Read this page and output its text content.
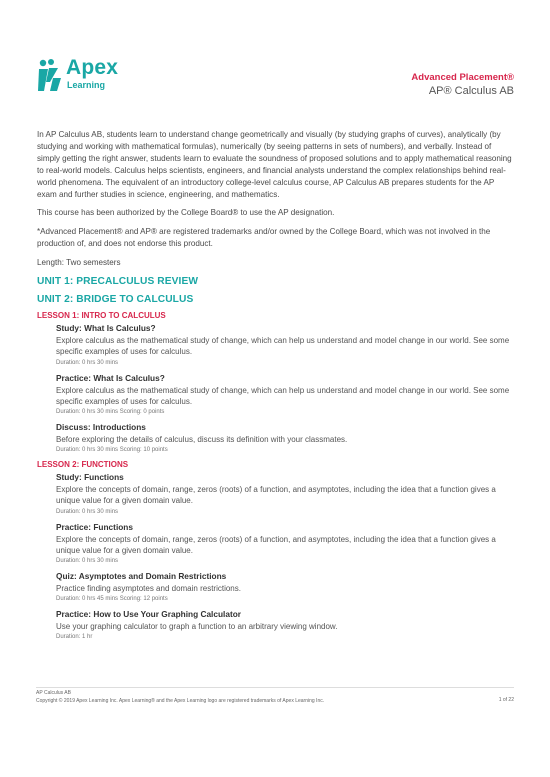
Apex
Learning
Advanced Placement®
AP® Calculus AB

In AP Calculus AB, students learn to understand change geometrically and visually (by studying graphs of curves), analytically (by studying and working with mathematical formulas), numerically (by seeing patterns in sets of numbers), and verbally. Instead of simply getting the right answer, students learn to evaluate the soundness of proposed solutions and to apply mathematical reasoning to real-world models. Calculus helps scientists, engineers, and financial analysts understand the complex relationships behind real-world phenomena. The equivalent of an introductory college-level calculus course, AP Calculus AB prepares students for the AP exam and further studies in science, engineering, and mathematics.

This course has been authorized by the College Board® to use the AP designation.

*Advanced Placement® and AP® are registered trademarks and/or owned by the College Board, which was not involved in the production of, and does not endorse this product.

Length: Two semesters

UNIT 1: PRECALCULUS REVIEW
UNIT 2: BRIDGE TO CALCULUS
LESSON 1: INTRO TO CALCULUS
Study: What Is Calculus?
Explore calculus as the mathematical study of change, which can help us understand and model change in our world. See some specific examples of uses for calculus.
Duration: 0 hrs 30 mins
Practice: What Is Calculus?
Explore calculus as the mathematical study of change, which can help us understand and model change in our world. See some specific examples of uses for calculus.
Duration: 0 hrs 30 mins Scoring: 0 points
Discuss: Introductions
Before exploring the details of calculus, discuss its definition with your classmates.
Duration: 0 hrs 30 mins Scoring: 10 points
LESSON 2: FUNCTIONS
Study: Functions
Explore the concepts of domain, range, zeros (roots) of a function, and asymptotes, including the idea that a function gives a unique value for a given domain value.
Duration: 0 hrs 30 mins
Practice: Functions
Explore the concepts of domain, range, zeros (roots) of a function, and asymptotes, including the idea that a function gives a unique value for a given domain value.
Duration: 0 hrs 30 mins
Quiz: Asymptotes and Domain Restrictions
Practice finding asymptotes and domain restrictions.
Duration: 0 hrs 45 mins Scoring: 12 points
Practice: How to Use Your Graphing Calculator
Use your graphing calculator to graph a function to an arbitrary viewing window.
Duration: 1 hr
AP Calculus AB
Copyright © 2019 Apex Learning Inc. Apex Learning® and the Apex Learning logo are registered trademarks of Apex Learning Inc.	1 of 22
